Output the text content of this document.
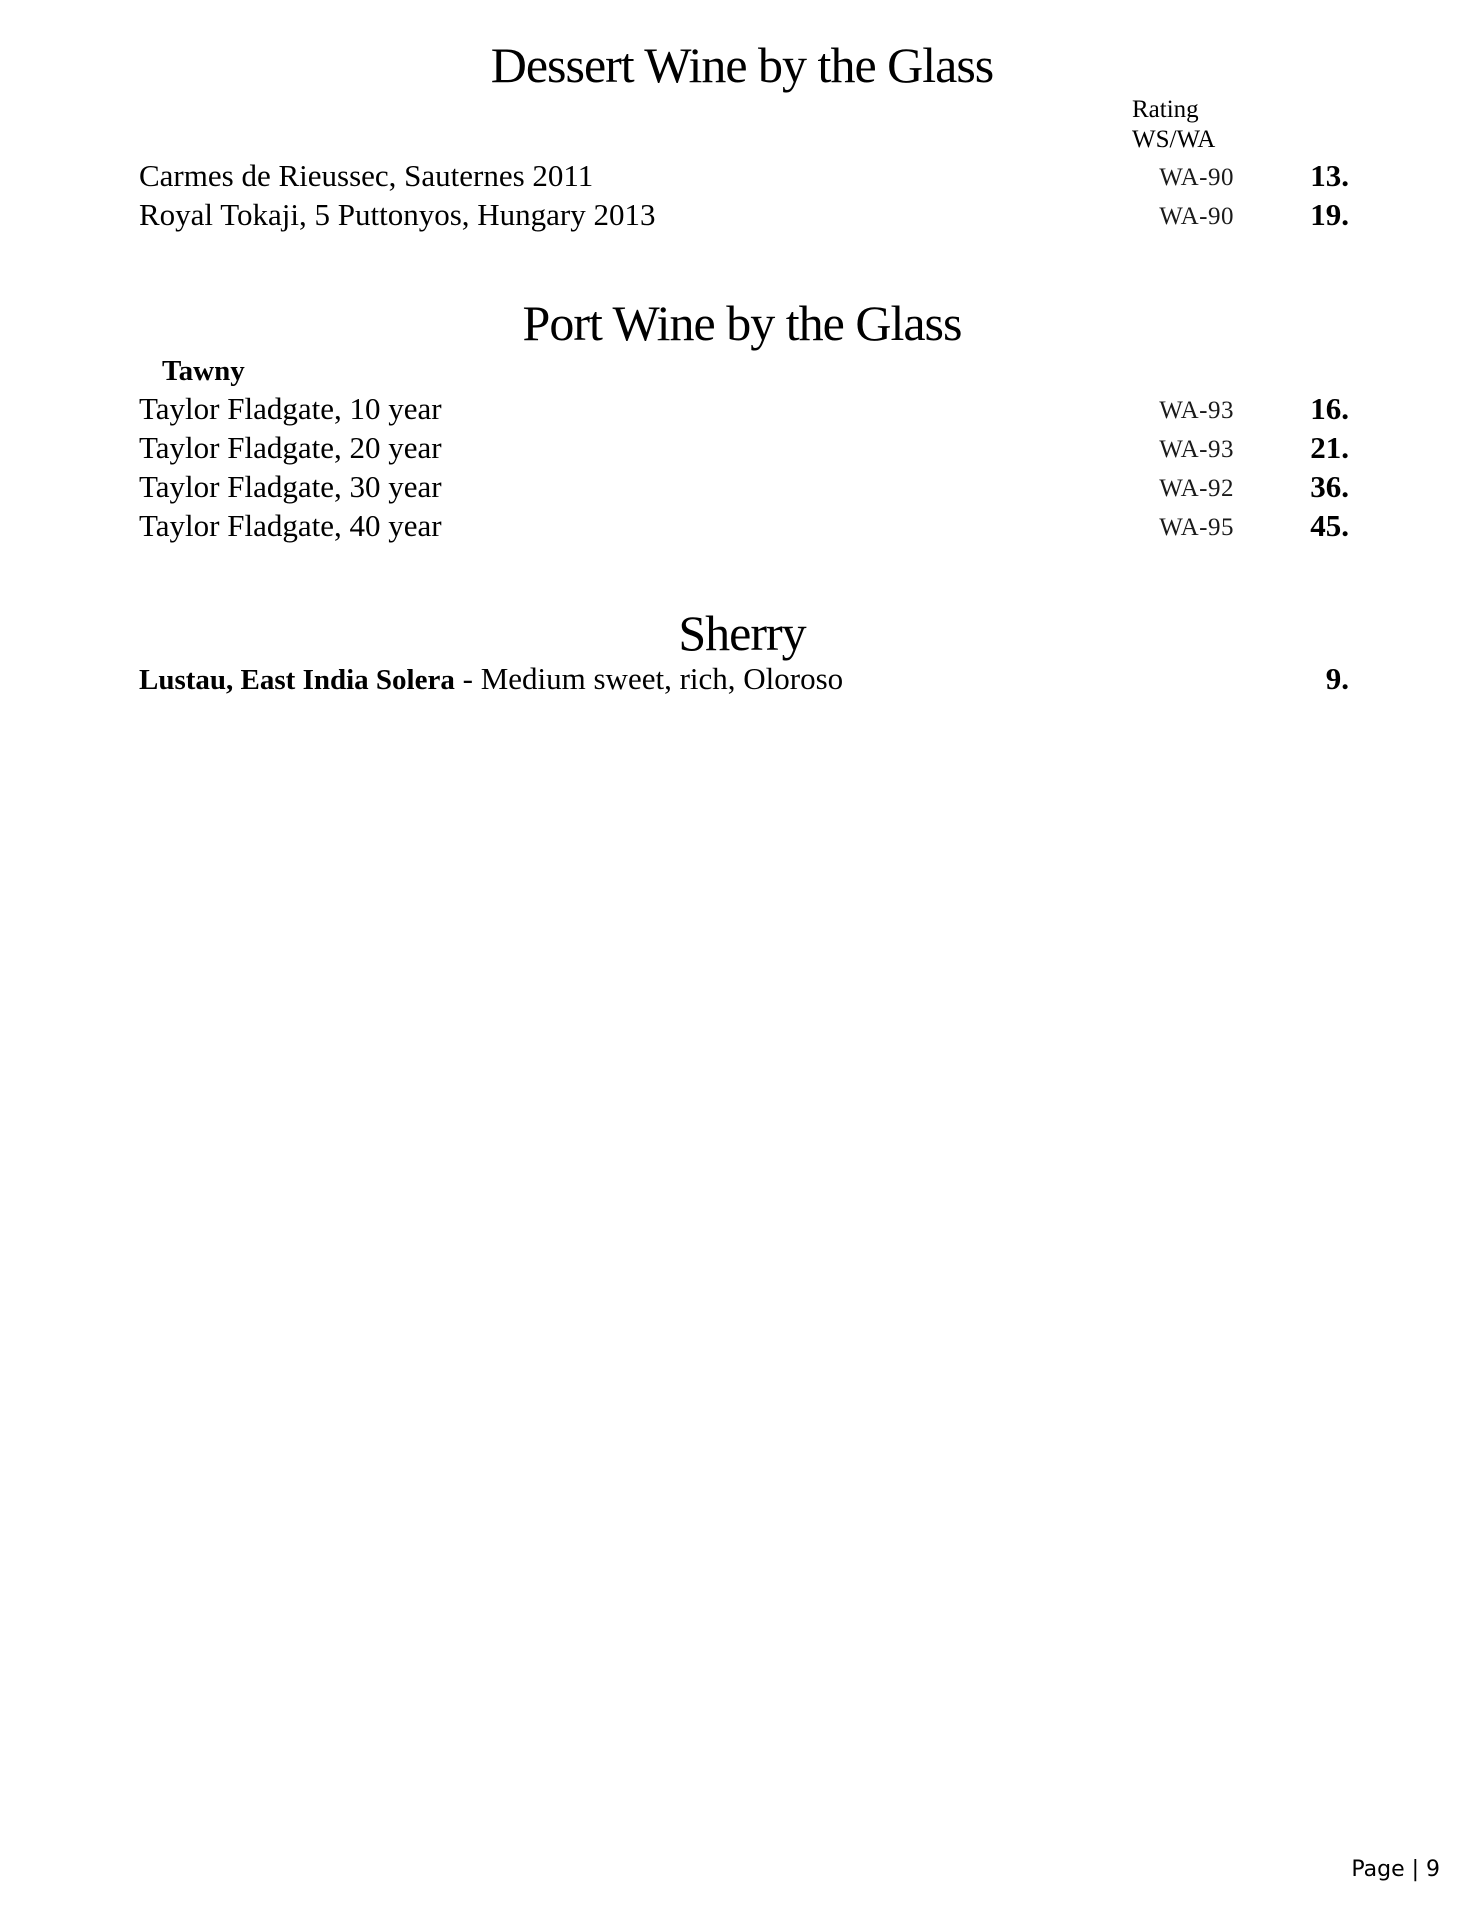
Dessert Wine by the Glass
Rating
WS/WA
Carmes de Rieussec, Sauternes 2011	WA-90 13.
Royal Tokaji, 5 Puttonyos, Hungary 2013	WA-90 19.
Port Wine by the Glass
Tawny
Taylor Fladgate, 10 year	WA-93 16.
Taylor Fladgate, 20 year	WA-93 21.
Taylor Fladgate, 30 year	WA-92 36.
Taylor Fladgate, 40 year	WA-95 45.
Sherry
Lustau, East India Solera - Medium sweet, rich, Oloroso	9.
Page | 9
